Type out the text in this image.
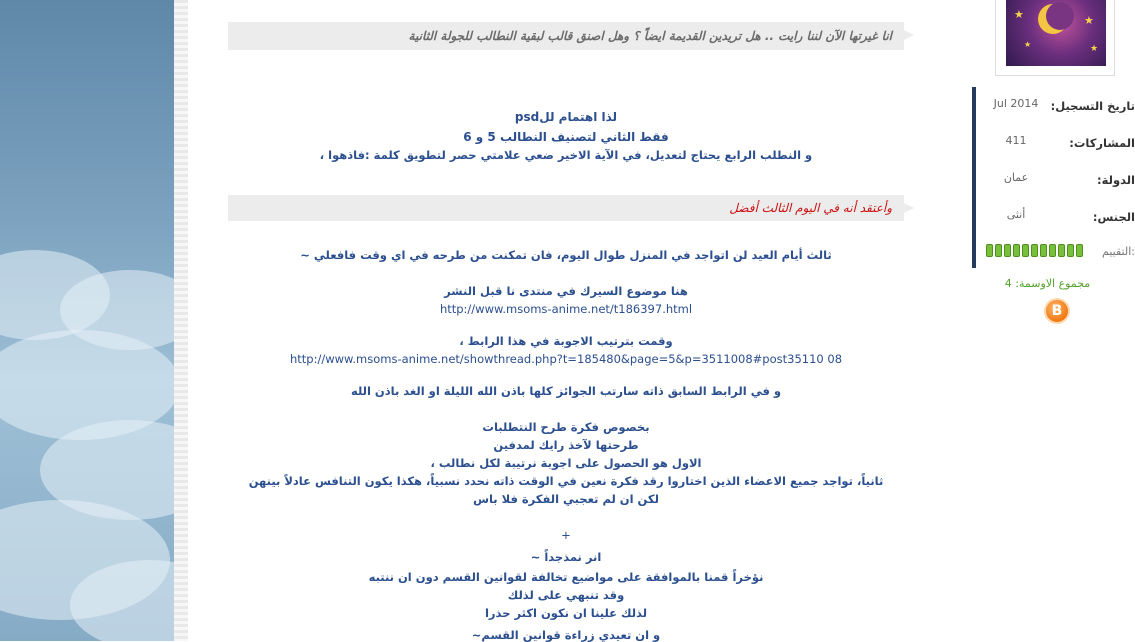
انا غيرتها الآن لننا رايت .. هل تريدين القديمة ايضاً ؟ وهل اصنق قالب لبقية النطالب للجولة الثانية
لذا اهتمام للpsd
فقط الثاني لتصنيف النطالب 5 و 6
و النطلب الرابع يحتاج لتعديل، في الآية الاخير ضعي علامتي حصر لتطويق كلمة :فاذهوا ،
وأعتقد أنه في اليوم الثالث أفضل
ثالث أيام العيد لن اتواجد في المنزل طوال اليوم، فان تمكنت من طرحه في اي وقت فافعلي ~
هنا موضوع السيرك في منتدى نا قبل النشر
http://www.msoms-anime.net/t186397.html
وقمت بترتيب الاجوبة في هذا الرابط ،
http://www.msoms-anime.net/showthread.php?t=185480&page=5&p=3511008#post35110 08
و في الرابط السابق ذاته سارتب الجوائز كلها باذن الله الليلة او الغد باذن الله
بخصوص فكرة طرح النتطلبات
طرحتها لآخذ رايك لمدفين
الاول هو الحصول على اجوبة نرتيبة لكل نطالب ،
ثانياً، تواجد جميع الاعضاء الذين اختاروا رقد فكرة نعين في الوقت ذاته نحدد نسبياً، هكذا يكون التنافس عادلاً بينهن
لكن ان لم تعجبي الفكرة فلا باس
+
انر نمذجداً ~
نؤخراً قمنا بالموافقة على مواضيع تخالفة لقوانين القسم دون ان ننتبه
وقد تنبهي على لذلك
لذلك علينا ان نكون اكثر حذرا
و ان تعيدي زراءة قوانين القسم~
★	★
★	★
Jul 2014	تاريخ التسجيل:
411	المشاركات:
عمان	الدولة:
أنثى	الجنس:
التقييم:
مجموع الاوسمة: 4
B
